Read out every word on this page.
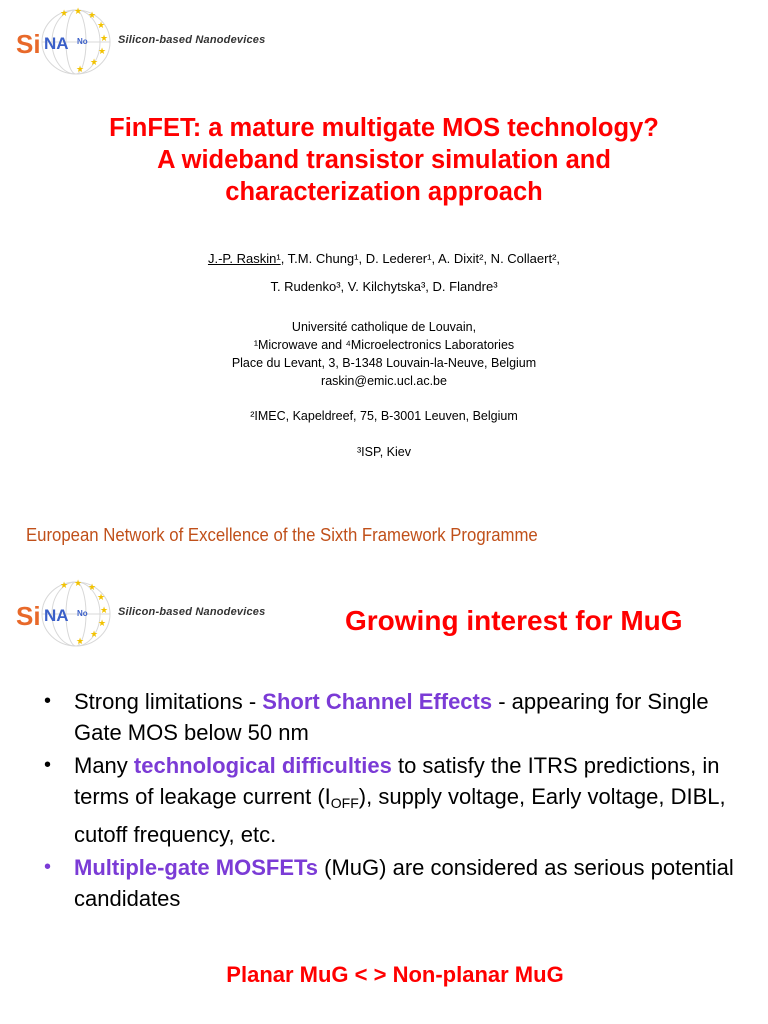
★ ★
★
★
★
★
★
★
Si NA No	Silicon-based Nanodevices
FinFET: a mature multigate MOS technology?
A wideband transistor simulation and
characterization approach
J.-P. Raskin¹, T.M. Chung¹, D. Lederer¹, A. Dixit², N. Collaert²,
T. Rudenko³, V. Kilchytska³, D. Flandre³
Université catholique de Louvain,
¹Microwave and ⁴Microelectronics Laboratories
Place du Levant, 3, B-1348 Louvain-la-Neuve, Belgium
raskin@emic.ucl.ac.be
²IMEC, Kapeldreef, 75, B-3001 Leuven, Belgium
³ISP, Kiev
European Network of Excellence of the Sixth Framework Programme
★ ★
★
★
★
★
★
★
Si NA No	Silicon-based Nanodevices	Growing interest for MuG
•	Strong limitations - Short Channel Effects - appearing for Single Gate MOS below 50 nm
•	Many technological difficulties to satisfy the ITRS predictions, in terms of leakage current $(I_{OFF})$, supply voltage, Early voltage, DIBL, cutoff frequency, etc.
•	Multiple-gate MOSFETs (MuG) are considered as serious potential candidates
Planar MuG < > Non-planar MuG
